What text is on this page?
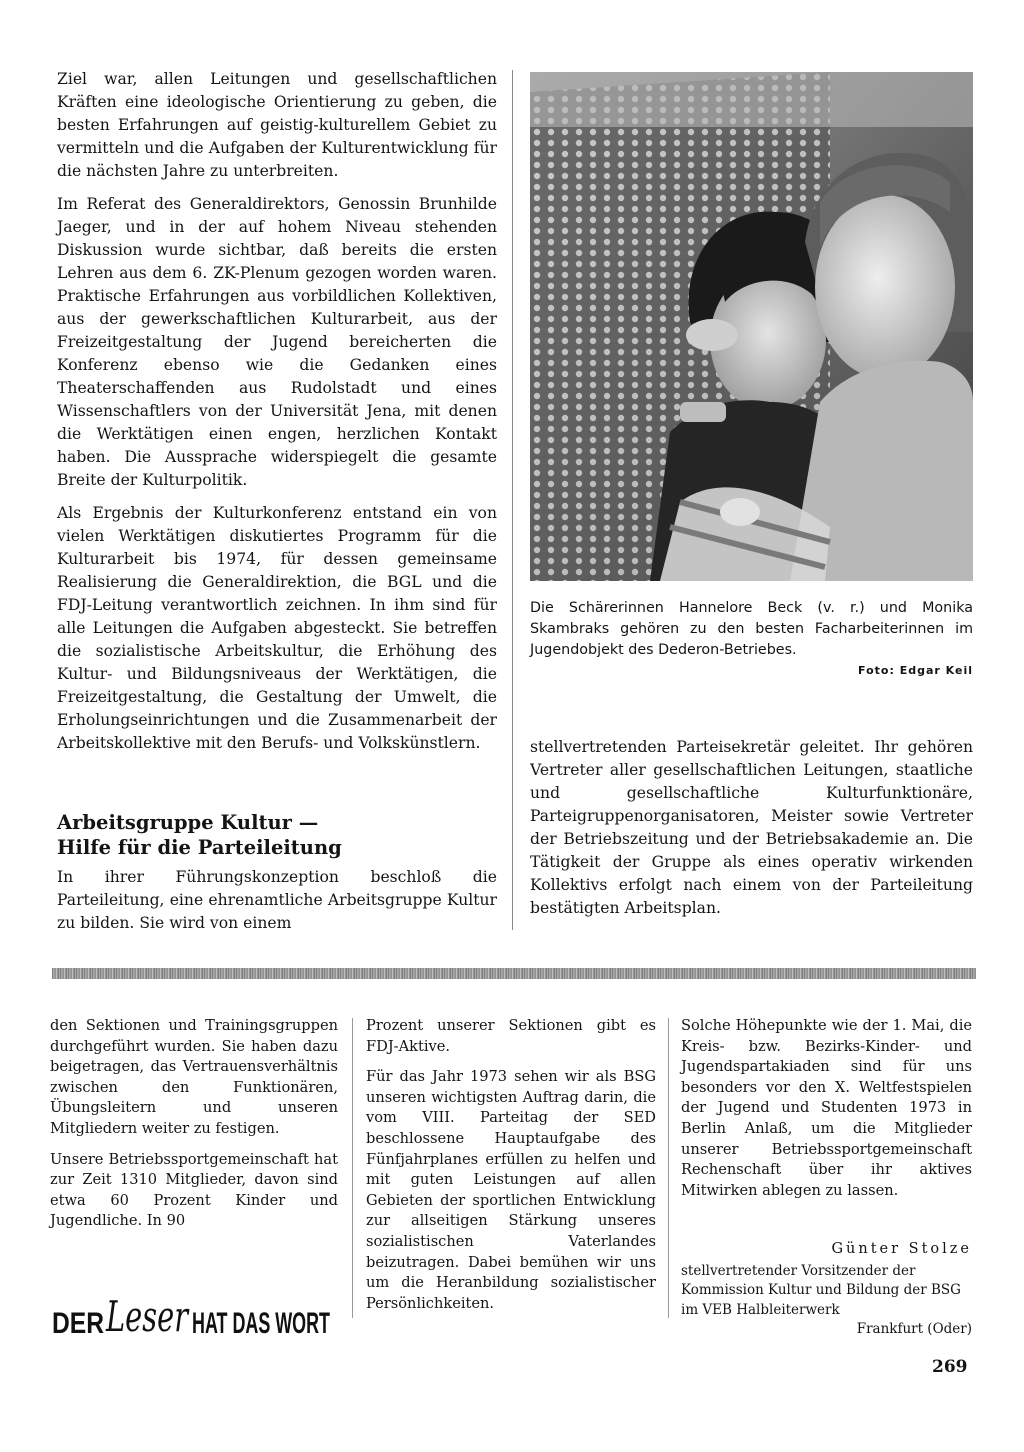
Ziel war, allen Leitungen und gesellschaftlichen Kräften eine ideologische Orientierung zu geben, die besten Erfahrungen auf geistig-kulturellem Gebiet zu vermitteln und die Aufgaben der Kulturentwicklung für die nächsten Jahre zu unterbreiten.

Im Referat des Generaldirektors, Genossin Brunhilde Jaeger, und in der auf hohem Niveau stehenden Diskussion wurde sichtbar, daß bereits die ersten Lehren aus dem 6. ZK-Plenum gezogen worden waren. Praktische Erfahrungen aus vorbildlichen Kollektiven, aus der gewerkschaftlichen Kulturarbeit, aus der Freizeitgestaltung der Jugend bereicherten die Konferenz ebenso wie die Gedanken eines Theaterschaffenden aus Rudolstadt und eines Wissenschaftlers von der Universität Jena, mit denen die Werktätigen einen engen, herzlichen Kontakt haben. Die Aussprache widerspiegelt die gesamte Breite der Kulturpolitik.

Als Ergebnis der Kulturkonferenz entstand ein von vielen Werktätigen diskutiertes Programm für die Kulturarbeit bis 1974, für dessen gemeinsame Realisierung die Generaldirektion, die BGL und die FDJ-Leitung verantwortlich zeichnen. In ihm sind für alle Leitungen die Aufgaben abgesteckt. Sie betreffen die sozialistische Arbeitskultur, die Erhöhung des Kultur- und Bildungsniveaus der Werktätigen, die Freizeitgestaltung, die Gestaltung der Umwelt, die Erholungseinrichtungen und die Zusammenarbeit der Arbeitskollektive mit den Berufs- und Volkskünstlern.

Die Schärerinnen Hannelore Beck (v. r.) und Monika Skambraks gehören zu den besten Facharbeiterinnen im Jugendobjekt des Dederon-Betriebes.
Foto: Edgar Keil

stellvertretenden Parteisekretär geleitet. Ihr gehören Vertreter aller gesellschaftlichen Leitungen, staatliche und gesellschaftliche Kulturfunktionäre, Parteigruppenorganisatoren, Meister sowie Vertreter der Betriebszeitung und der Betriebsakademie an. Die Tätigkeit der Gruppe als eines operativ wirkenden Kollektivs erfolgt nach einem von der Parteileitung bestätigten Arbeitsplan.

Arbeitsgruppe Kultur —
Hilfe für die Parteileitung

In ihrer Führungskonzeption beschloß die Parteileitung, eine ehrenamtliche Arbeitsgruppe Kultur zu bilden. Sie wird von einem

den Sektionen und Trainingsgruppen durchgeführt wurden. Sie haben dazu beigetragen, das Vertrauensverhältnis zwischen den Funktionären, Übungsleitern und unseren Mitgliedern weiter zu festigen.

Unsere Betriebssportgemeinschaft hat zur Zeit 1310 Mitglieder, davon sind etwa 60 Prozent Kinder und Jugendliche. In 90

Prozent unserer Sektionen gibt es FDJ-Aktive.

Für das Jahr 1973 sehen wir als BSG unseren wichtigsten Auftrag darin, die vom VIII. Parteitag der SED beschlossene Hauptaufgabe des Fünfjahrplanes erfüllen zu helfen und mit guten Leistungen auf allen Gebieten der sportlichen Entwicklung zur allseitigen Stärkung unseres sozialistischen Vaterlandes beizutragen. Dabei bemühen wir uns um die Heranbildung sozialistischer Persönlichkeiten.

Solche Höhepunkte wie der 1. Mai, die Kreis- bzw. Bezirks-Kinder- und Jugendspartakiaden sind für uns besonders vor den X. Weltfestspielen der Jugend und Studenten 1973 in Berlin Anlaß, um die Mitglieder unserer Betriebssportgemeinschaft Rechenschaft über ihr aktives Mitwirken ablegen zu lassen.

Günter Stolze
stellvertretender Vorsitzender der Kommission Kultur und Bildung der BSG im VEB Halbleiterwerk
Frankfurt (Oder)
DER Leser HAT DAS WORT
269
